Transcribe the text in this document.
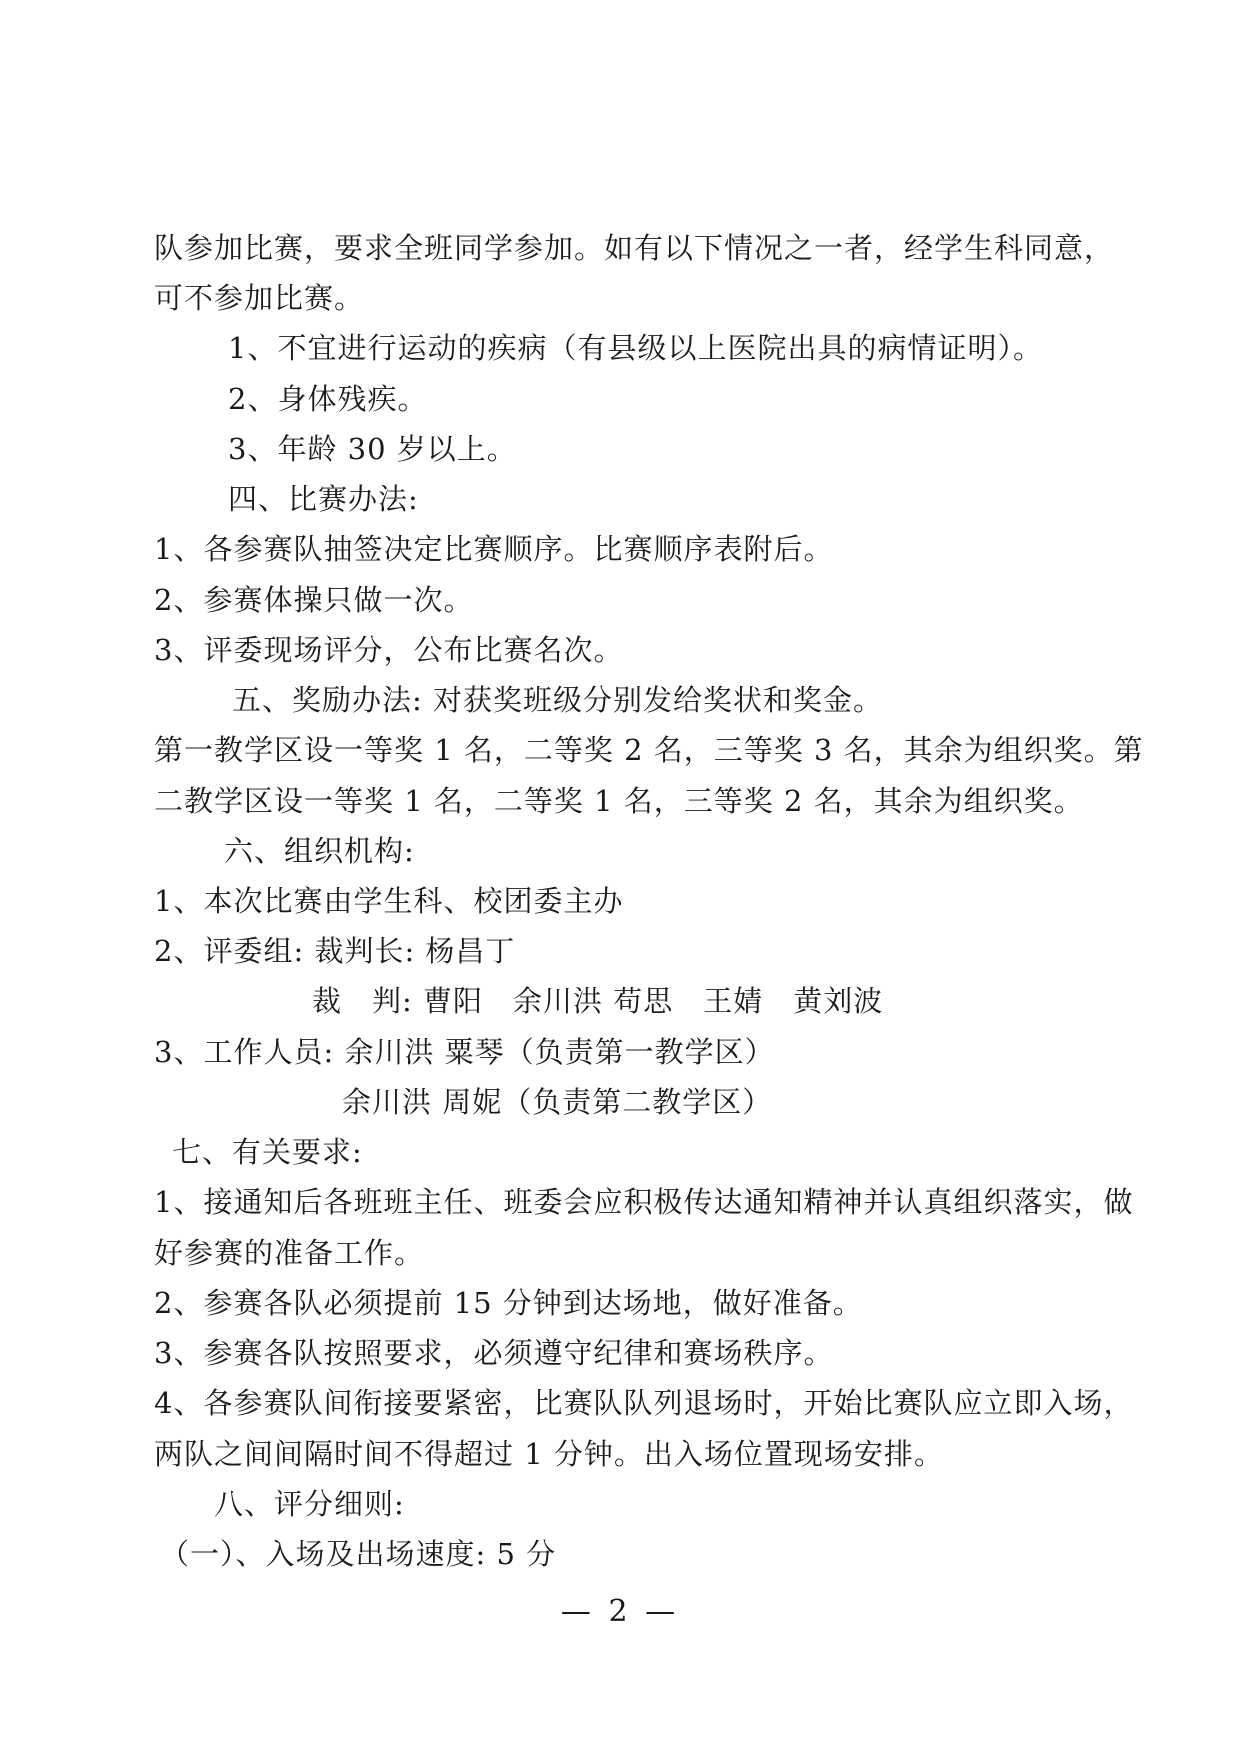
队参加比赛，要求全班同学参加。如有以下情况之一者，经学生科同意，

可不参加比赛。

1、不宜进行运动的疾病（有县级以上医院出具的病情证明）。

2、身体残疾。

3、年龄 30 岁以上。

四、比赛办法:

1、各参赛队抽签决定比赛顺序。比赛顺序表附后。

2、参赛体操只做一次。

3、评委现场评分，公布比赛名次。

五、奖励办法: 对获奖班级分别发给奖状和奖金。

第一教学区设一等奖 1 名，二等奖 2 名，三等奖 3 名，其余为组织奖。第

二教学区设一等奖 1 名，二等奖 1 名，三等奖 2 名，其余为组织奖。

六、组织机构:

1、本次比赛由学生科、校团委主办

2、评委组: 裁判长: 杨昌丁

裁　判: 曹阳　余川洪 苟思　王婧　黄刘波

3、工作人员: 余川洪 粟琴（负责第一教学区）

余川洪 周妮（负责第二教学区）

七、有关要求:

1、接通知后各班班主任、班委会应积极传达通知精神并认真组织落实，做

好参赛的准备工作。

2、参赛各队必须提前 15 分钟到达场地，做好准备。

3、参赛各队按照要求，必须遵守纪律和赛场秩序。

4、各参赛队间衔接要紧密，比赛队队列退场时，开始比赛队应立即入场，

两队之间间隔时间不得超过 1 分钟。出入场位置现场安排。

八、评分细则:

（一）、入场及出场速度: 5 分

— 2 —
